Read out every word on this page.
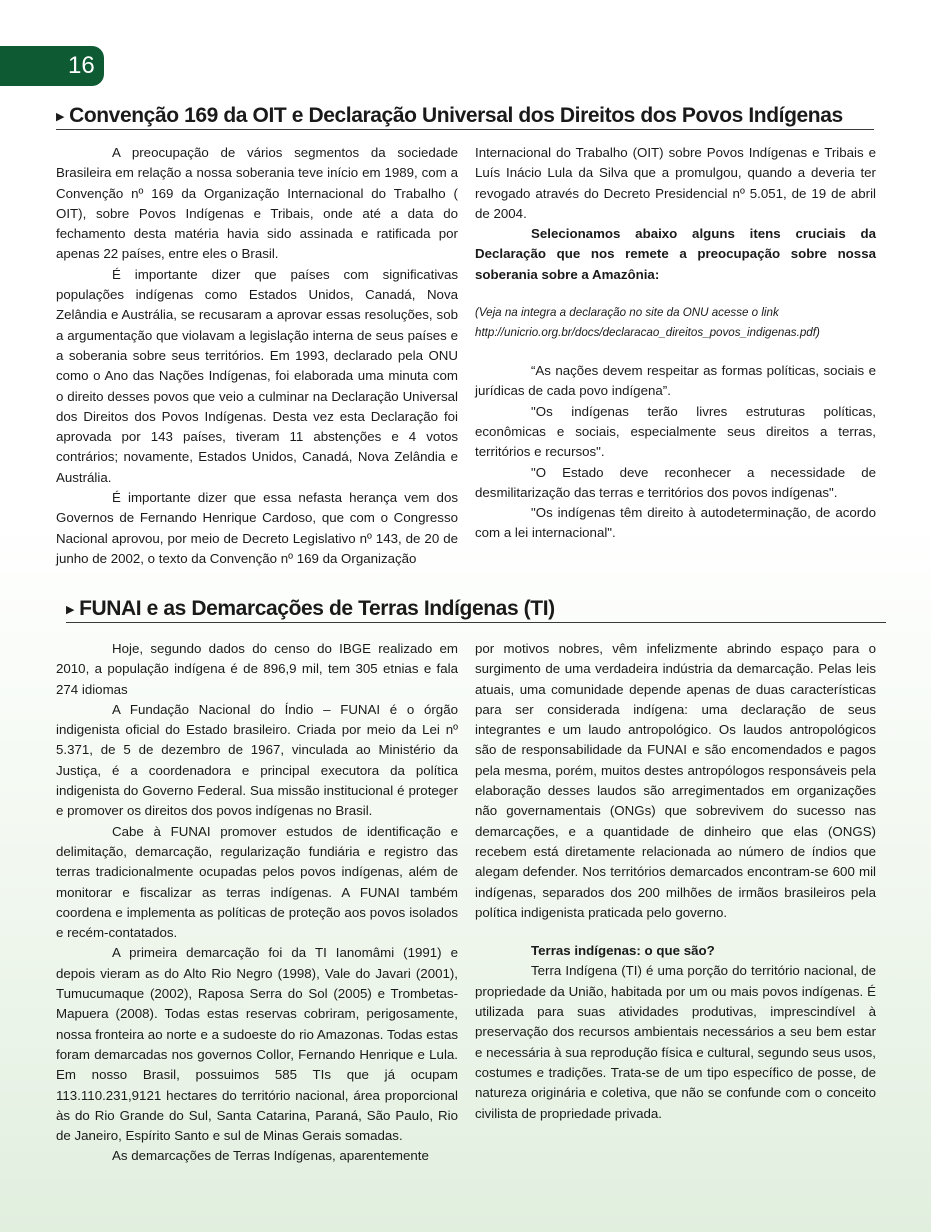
16
▶ Convenção 169 da OIT e Declaração Universal dos Direitos dos Povos Indígenas

A preocupação de vários segmentos da sociedade Brasileira em relação a nossa soberania teve início em 1989, com a Convenção nº 169 da Organização Internacional do Trabalho ( OIT), sobre Povos Indígenas e Tribais, onde até a data do fechamento desta matéria havia sido assinada e ratificada por apenas 22 países, entre eles o Brasil.

É importante dizer que países com significativas populações indígenas como Estados Unidos, Canadá, Nova Zelândia e Austrália, se recusaram a aprovar essas resoluções, sob a argumentação que violavam a legislação interna de seus países e a soberania sobre seus territórios. Em 1993, declarado pela ONU como o Ano das Nações Indígenas, foi elaborada uma minuta com o direito desses povos que veio a culminar na Declaração Universal dos Direitos dos Povos Indígenas. Desta vez esta Declaração foi aprovada por 143 países, tiveram 11 abstenções e 4 votos contrários; novamente, Estados Unidos, Canadá, Nova Zelândia e Austrália.

É importante dizer que essa nefasta herança vem dos Governos de Fernando Henrique Cardoso, que com o Congresso Nacional aprovou, por meio de Decreto Legislativo nº 143, de 20 de junho de 2002, o texto da Convenção nº 169 da Organização

Internacional do Trabalho (OIT) sobre Povos Indígenas e Tribais e Luís Inácio Lula da Silva que a promulgou, quando a deveria ter revogado através do Decreto Presidencial nº 5.051, de 19 de abril de 2004.

Selecionamos abaixo alguns itens cruciais da Declaração que nos remete a preocupação sobre nossa soberania sobre a Amazônia:

(Veja na integra a declaração no site da ONU acesse o link

http://unicrio.org.br/docs/declaracao_direitos_povos_indigenas.pdf)

“As nações devem respeitar as formas políticas, sociais e jurídicas de cada povo indígena”.

"Os indígenas terão livres estruturas políticas, econômicas e sociais, especialmente seus direitos a terras, territórios e recursos".

"O Estado deve reconhecer a necessidade de desmilitarização das terras e territórios dos povos indígenas".

"Os indígenas têm direito à autodeterminação, de acordo com a lei internacional".

▶ FUNAI e as Demarcações de Terras Indígenas (TI)

Hoje, segundo dados do censo do IBGE realizado em 2010, a população indígena é de 896,9 mil, tem 305 etnias e fala 274 idiomas

A Fundação Nacional do Índio – FUNAI é o órgão indigenista oficial do Estado brasileiro. Criada por meio da Lei nº 5.371, de 5 de dezembro de 1967, vinculada ao Ministério da Justiça, é a coordenadora e principal executora da política indigenista do Governo Federal. Sua missão institucional é proteger e promover os direitos dos povos indígenas no Brasil.

Cabe à FUNAI promover estudos de identificação e delimitação, demarcação, regularização fundiária e registro das terras tradicionalmente ocupadas pelos povos indígenas, além de monitorar e fiscalizar as terras indígenas. A FUNAI também coordena e implementa as políticas de proteção aos povos isolados e recém-contatados.

A primeira demarcação foi da TI Ianomâmi (1991) e depois vieram as do Alto Rio Negro (1998), Vale do Javari (2001), Tumucumaque (2002), Raposa Serra do Sol (2005) e Trombetas-Mapuera (2008). Todas estas reservas cobriram, perigosamente, nossa fronteira ao norte e a sudoeste do rio Amazonas. Todas estas foram demarcadas nos governos Collor, Fernando Henrique e Lula. Em nosso Brasil, possuimos 585 TIs que já ocupam 113.110.231,9121 hectares do território nacional, área proporcional às do Rio Grande do Sul, Santa Catarina, Paraná, São Paulo, Rio de Janeiro, Espírito Santo e sul de Minas Gerais somadas.

As demarcações de Terras Indígenas, aparentemente

por motivos nobres, vêm infelizmente abrindo espaço para o surgimento de uma verdadeira indústria da demarcação. Pelas leis atuais, uma comunidade depende apenas de duas características para ser considerada indígena: uma declaração de seus integrantes e um laudo antropológico. Os laudos antropológicos são de responsabilidade da FUNAI e são encomendados e pagos pela mesma, porém, muitos destes antropólogos responsáveis pela elaboração desses laudos são arregimentados em organizações não governamentais (ONGs) que sobrevivem do sucesso nas demarcações, e a quantidade de dinheiro que elas (ONGS) recebem está diretamente relacionada ao número de índios que alegam defender. Nos territórios demarcados encontram-se 600 mil indígenas, separados dos 200 milhões de irmãos brasileiros pela política indigenista praticada pelo governo.

Terras indígenas: o que são?

Terra Indígena (TI) é uma porção do território nacional, de propriedade da União, habitada por um ou mais povos indígenas. É utilizada para suas atividades produtivas, imprescindível à preservação dos recursos ambientais necessários a seu bem estar e necessária à sua reprodução física e cultural, segundo seus usos, costumes e tradições. Trata-se de um tipo específico de posse, de natureza originária e coletiva, que não se confunde com o conceito civilista de propriedade privada.
